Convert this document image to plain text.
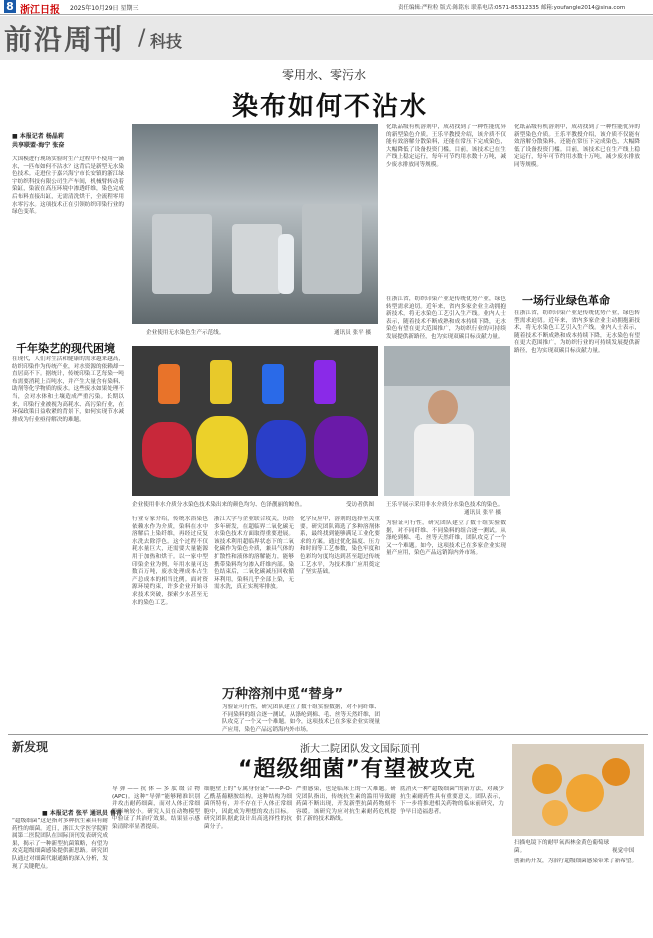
8 浙江日报 2025年10月29日 星期三	责任编辑:严粒粒 版式:陈铭东 联系电话:0571-85312335 邮箱:youfangle2014@sina.com
前沿周刊 / 科技
零用水、零污水
染布如何不沾水
■ 本报记者 杨晶莉
共享联盟·海宁 张奋
大国模进行现场实验时生产过程中不使用一滴水，一匹布如何不沾水？这背后是新型无水染色技术。走进位于嘉兴海宁市长安镇的浙江绿宇纺织科技有限公司生产车间，机械臂转动着染缸，染液在高压环境中渗透纤维，染色完成后布料直接出缸，无需清洗烘干，全流程零用水零污水。这项技术正在引领纺织印染行业的绿色变革。
千年染艺的现代困境
在现代，人们对生活和健康的需求越来越高，纺织印染作为传统产业，对水资源的依赖却一直居高不下。据统计，传统印染工艺每染一吨布需要消耗上百吨水，并产生大量含有染料、助剂等化学物质的废水。这些废水如果处理不当，会对水体和土壤造成严重污染。长期以来，印染行业被视为高耗水、高污染行业，在环保政策日益收紧的背景下，如何实现节水减排成为行业亟待解决的难题。
企业使用无水染色生产示范线。	通讯员 张平 摄
化纸品级有机溶剂中，成功找到了一种性能优异的新型染色介质。王乐平教授介绍，该介质不仅能有效溶解分散染料，还能在常压下完成染色，大幅降低了设备投资门槛。目前，该技术已在生产线上稳定运行，每年可节约用水数十万吨，减少废水排放同等规模。
化纸品级有机溶剂中，成功找到了一种性能优异的新型染色介质。王乐平教授介绍，该介质不仅能有效溶解分散染料，还能在常压下完成染色，大幅降低了设备投资门槛。目前，该技术已在生产线上稳定运行，每年可节约用水数十万吨，减少废水排放同等规模。
在浙江省，纺织印染产业是传统优势产业，绿色转型需求迫切。近年来，省内多家企业主动拥抱新技术，将无水染色工艺引入生产线。业内人士表示，随着技术不断成熟和成本持续下降，无水染色有望在更大范围推广，为纺织行业的可持续发展提供新路径，也为实现双碳目标贡献力量。
一场行业绿色革命
在浙江省，纺织印染产业是传统优势产业，绿色转型需求迫切。近年来，省内多家企业主动拥抱新技术，将无水染色工艺引入生产线。业内人士表示，随着技术不断成熟和成本持续下降，无水染色有望在更大范围推广，为纺织行业的可持续发展提供新路径，也为实现双碳目标贡献力量。
企业使用非水介质分水染色技术染出来的颜色均匀、色泽靓丽的鲸鱼。	受访者供图 王乐平展示采用非水介质分水染色技术的染色。
通讯员 张平 摄
行业专家介绍，传统水浴染色依赖水作为介质，染料在水中溶解后上染纤维，再经过反复水洗去除浮色。这个过程不仅耗水量巨大，还需要大量能源用于加热和烘干。以一家中型印染企业为例，年用水量可达数百万吨，废水处理成本占生产总成本的相当比例。面对资源环境约束，许多企业开始寻求技术突破，探索少水甚至无水的染色工艺。
浙江大学与企业联合攻关，历经多年研发，在超临界二氧化碳无水染色技术方面取得重要进展。该技术利用超临界状态下的二氧化碳作为染色介质，兼具气体的扩散性和液体的溶解能力，能够携带染料均匀渗入纤维内部。染色结束后，二氧化碳减压回收循环利用，染料几乎全部上染，无需水洗，真正实现零排放。
化学反应中，溶剂的选择至关重要。研究团队筛选了多种溶剂体系，最终找到能够满足工业化要求的方案。通过优化温度、压力和时间等工艺参数，染色牢度和色彩均匀度均达到甚至超过传统工艺水平，为技术推广应用奠定了坚实基础。
为验证可行性，研究团队建立了数千组实验数据，对不同纤维、不同染料的组合逐一测试。从涤纶到棉、毛、丝等天然纤维，团队攻克了一个又一个难题。如今，这项技术已在多家企业实现量产应用，染色产品远销海内外市场。
万种溶剂中觅“替身”
为验证可行性，研究团队建立了数千组实验数据，对不同纤维、不同染料的组合逐一测试。从涤纶到棉、毛、丝等天然纤维，团队攻克了一个又一个难题。如今，这项技术已在多家企业实现量产应用，染色产品远销海内外市场。
新发现	浙大二院团队发文国际顶刊
“超级细菌”有望被攻克
■ 本报记者 张平 通讯员 鲁青
“超级细菌”这是指对多种抗生素具有耐药性的细菌。近日，浙江大学医学院附属第二医院团队在国际顶刊发表研究成果，揭示了一种新型抗菌策略，有望为攻克超级细菌感染提供新思路。研究团队通过对细菌代谢通路的深入分析，发现了关键靶点。
导弹——抗体—多肽缀合物(APC)。这种“导弹”能够精准识别并攻击耐药细菌，而对人体正常细胞影响较小。研究人员在动物模型中验证了其治疗效果，结果显示感染清除率显著提高。
细胞壁上的“专属身份证”——P-O-乙酰基葡糖胺结构。这种结构为细菌所特有，并不存在于人体正常细胞中，因此成为理想的攻击目标。研究团队据此设计出高选择性的抗菌分子。
严重感染，也是临床上的一大难题。研究团队指出，传统抗生素的滥用导致耐药菌不断出现，开发新型抗菌药物刻不容缓。该研究为应对抗生素耐药危机提供了新的技术路线。
底消灭一种“超级细菌”的新方法，对减少抗生素耐药性具有重要意义。团队表示，下一步将推进相关药物的临床前研究，力争早日造福患者。
扫描电镜下的耐甲氧西林金黄色葡萄球菌。	视觉中国
创新药开发，为治疗超级细菌感染带来了新希望。
